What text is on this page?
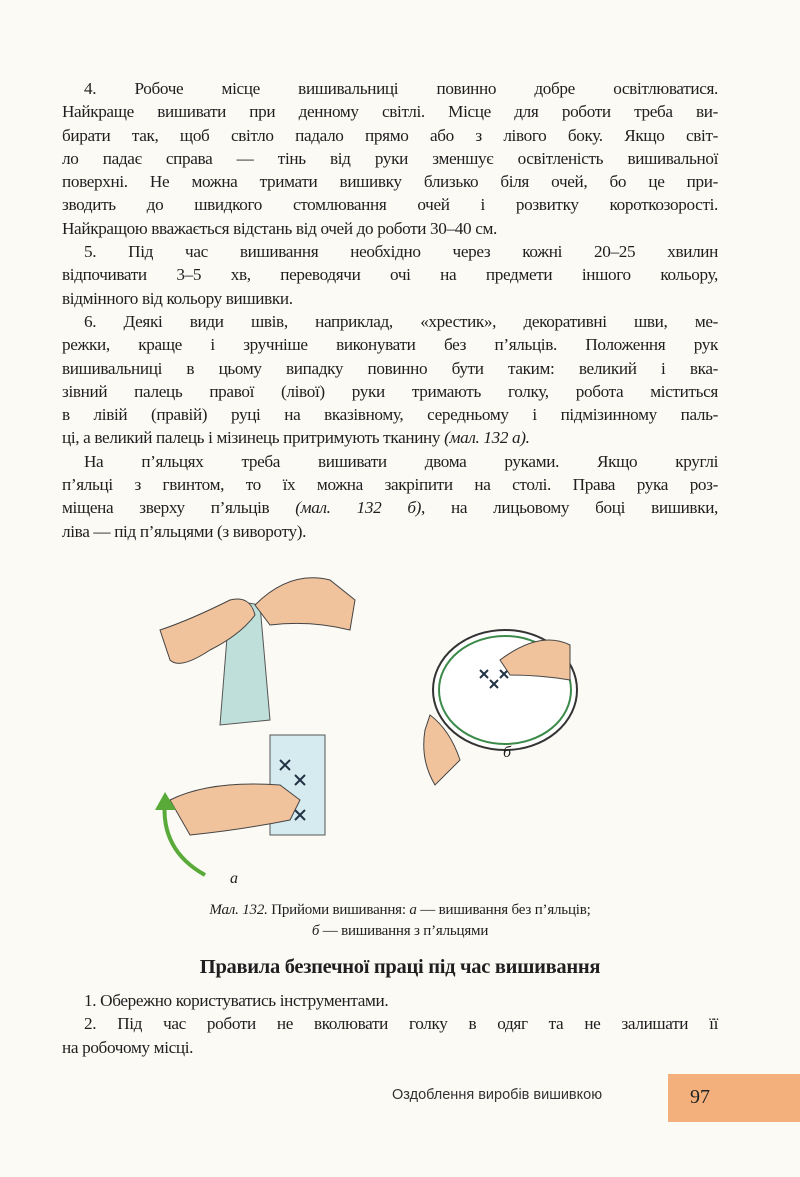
4. Робоче місце вишивальниці повинно добре освітлюватися.
Найкраще вишивати при денному світлі. Місце для роботи треба ви-
бирати так, щоб світло падало прямо або з лівого боку. Якщо світ-
ло падає справа — тінь від руки зменшує освітленість вишивальної
поверхні. Не можна тримати вишивку близько біля очей, бо це при-
зводить до швидкого стомлювання очей і розвитку короткозорості.
Найкращою вважається відстань від очей до роботи 30–40 см.
5. Під час вишивання необхідно через кожні 20–25 хвилин
відпочивати 3–5 хв, переводячи очі на предмети іншого кольору,
відмінного від кольору вишивки.
6. Деякі види швів, наприклад, «хрестик», декоративні шви, ме-
режки, краще і зручніше виконувати без п’яльців. Положення рук
вишивальниці в цьому випадку повинно бути таким: великий і вка-
зівний палець правої (лівої) руки тримають голку, робота міститься
в лівій (правій) руці на вказівному, середньому і підмізинному паль-
ці, а великий палець і мізинець притримують тканину (мал. 132 а).
На п’яльцях треба вишивати двома руками. Якщо круглі
п’яльці з гвинтом, то їх можна закріпити на столі. Права рука роз-
міщена зверху п’яльців (мал. 132 б), на лицьовому боці вишивки,
ліва — під п’яльцями (з вивороту).
а
б
Мал. 132. Прийоми вишивання: а — вишивання без п’яльців;
б — вишивання з п’яльцями
Правила безпечної праці під час вишивання
1. Обережно користуватись інструментами.
2. Під час роботи не вколювати голку в одяг та не залишати її
на робочому місці.
Оздоблення виробів вишивкою	97
